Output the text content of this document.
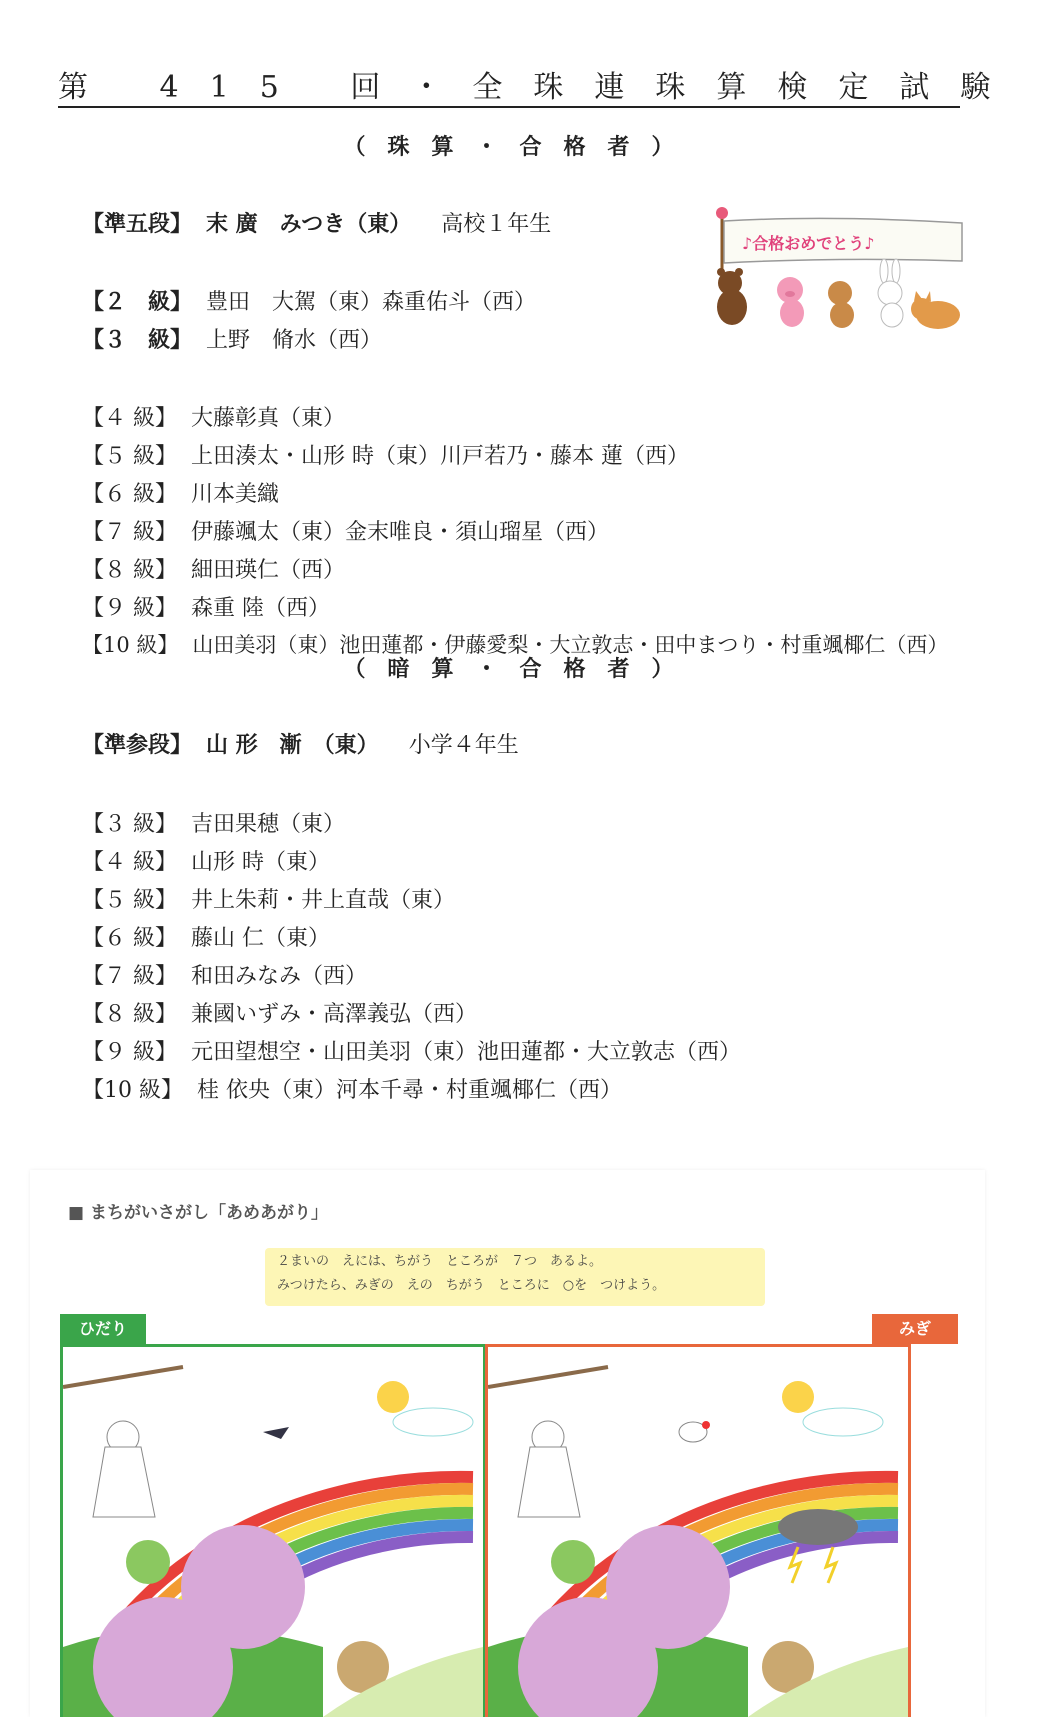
第 415 回・全珠連珠算検定試験
（珠算・合格者）
【準五段】 末 廣　みつき（東） 高校１年生
【２　級】 豊田　大駕（東）森重佑斗（西）
【３　級】 上野　脩水（西）
【４ 級】 大藤彰真（東）
【５ 級】 上田湊太・山形 時（東）川戸若乃・藤本 蓮（西）
【６ 級】 川本美織
【７ 級】 伊藤颯太（東）金末唯良・須山瑠星（西）
【８ 級】 細田瑛仁（西）
【９ 級】 森重 陸（西）
【10 級】 山田美羽（東）池田蓮都・伊藤愛梨・大立敦志・田中まつり・村重颯椰仁（西）
♪合格おめでとう♪
（暗算・合格者）
【準参段】 山 形　漸　（東） 小学４年生
【３ 級】 吉田果穂（東）
【４ 級】 山形 時（東）
【５ 級】 井上朱莉・井上直哉（東）
【６ 級】 藤山 仁（東）
【７ 級】 和田みなみ（西）
【８ 級】 兼國いずみ・高澤義弘（西）
【９ 級】 元田望想空・山田美羽（東）池田蓮都・大立敦志（西）
【10 級】 桂 依央（東）河本千尋・村重颯椰仁（西）
■ まちがいさがし「あめあがり」
２まいの　えには、ちがう　ところが　７つ　あるよ。
みつけたら、みぎの　えの　ちがう　ところに　○を　つけよう。
ひだり	みぎ
